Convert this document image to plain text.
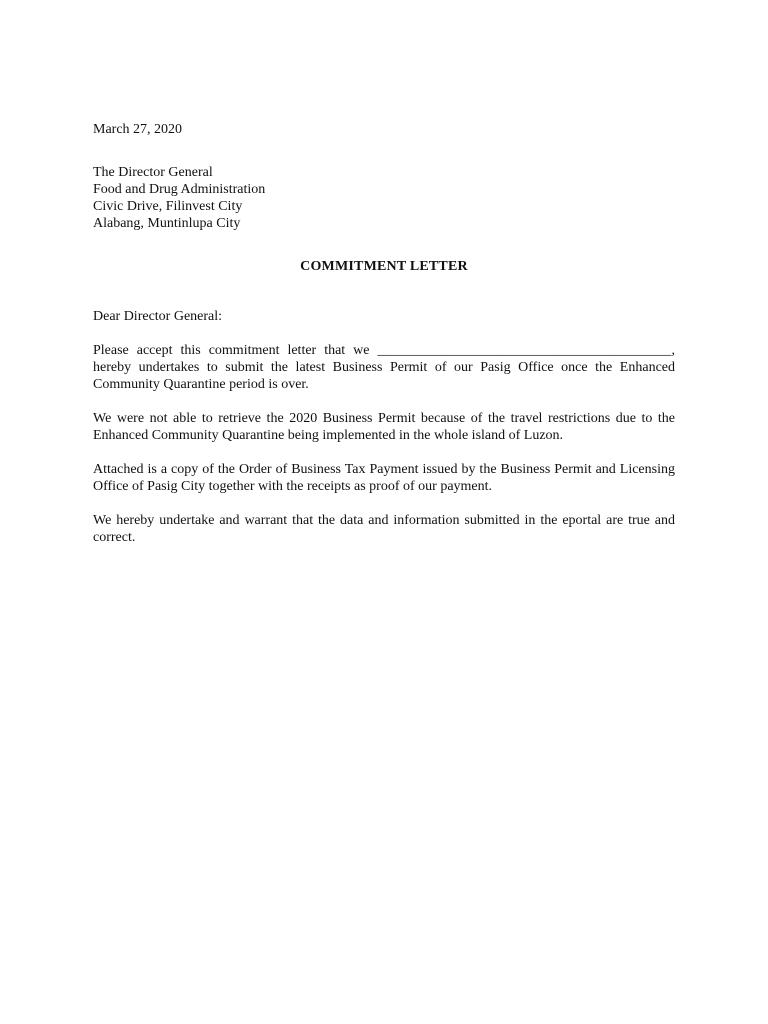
March 27, 2020
The Director General
Food and Drug Administration
Civic Drive, Filinvest City
Alabang, Muntinlupa City
COMMITMENT LETTER
Dear Director General:

Please accept this commitment letter that we __________________________________________, hereby undertakes to submit the latest Business Permit of our Pasig Office once the Enhanced Community Quarantine period is over.

We were not able to retrieve the 2020 Business Permit because of the travel restrictions due to the Enhanced Community Quarantine being implemented in the whole island of Luzon.

Attached is a copy of the Order of Business Tax Payment issued by the Business Permit and Licensing Office of Pasig City together with the receipts as proof of our payment.

We hereby undertake and warrant that the data and information submitted in the eportal are true and correct.
